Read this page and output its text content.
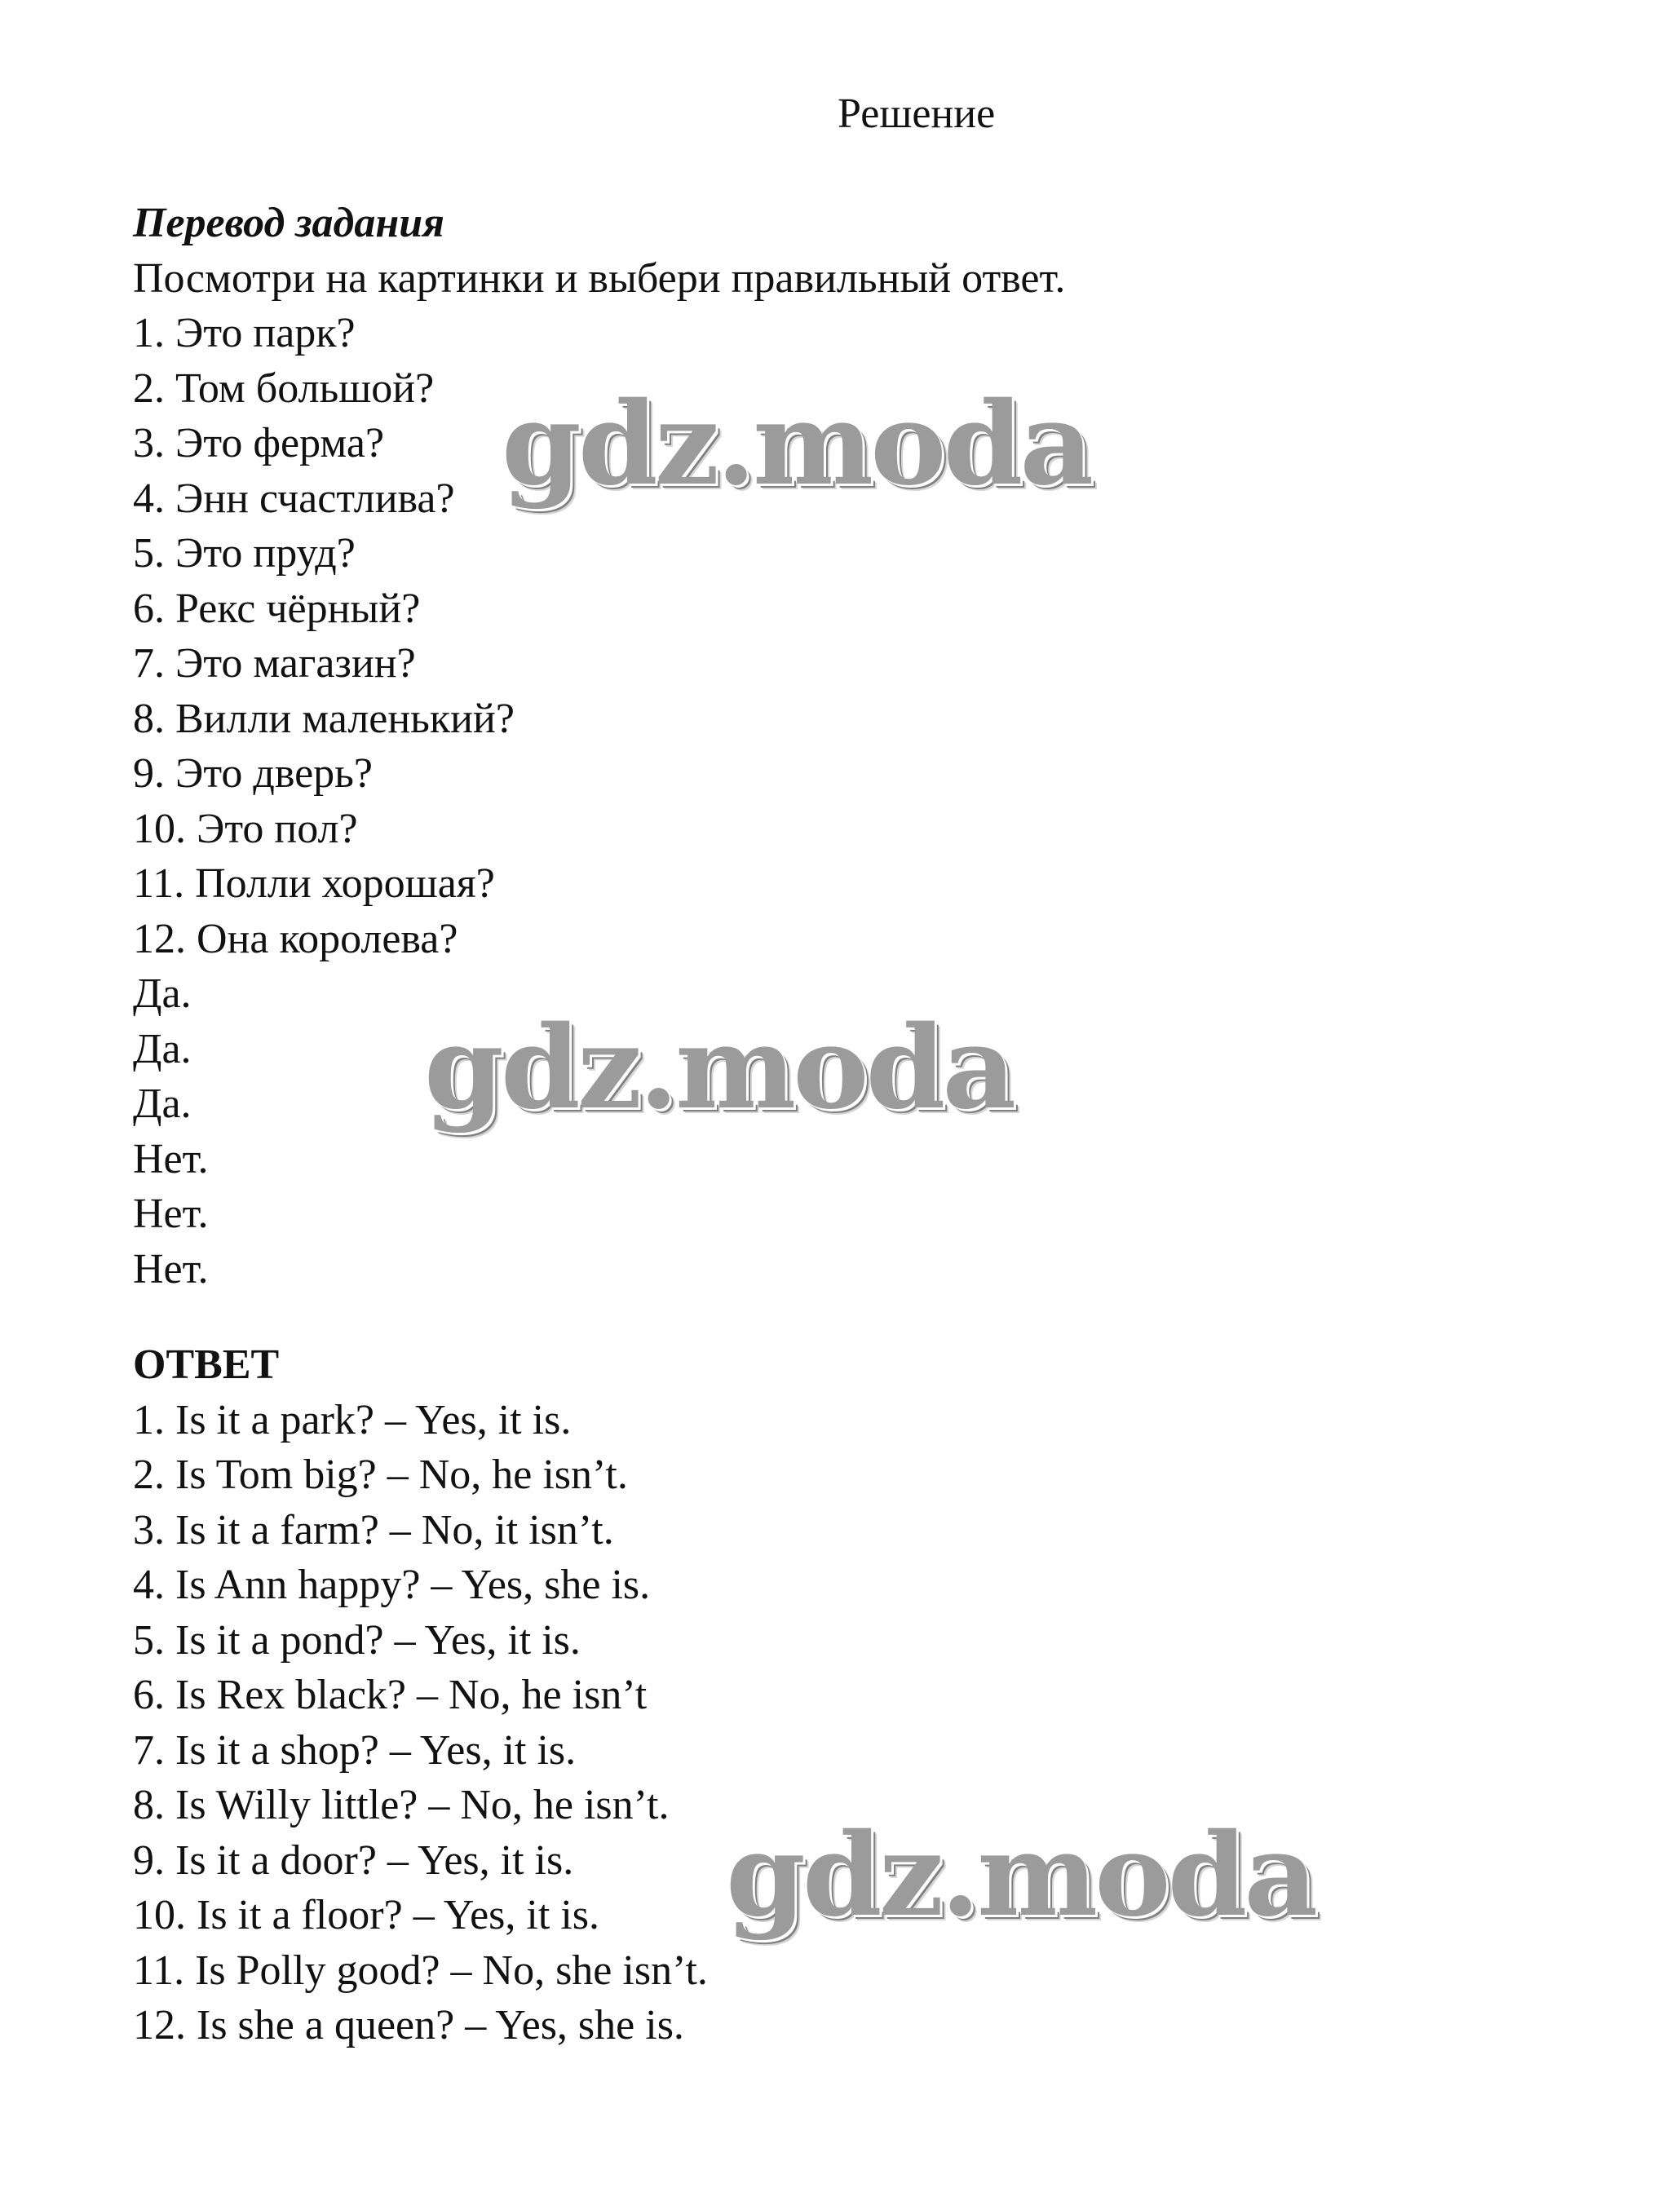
Решение
Перевод задания
Посмотри на картинки и выбери правильный ответ.
1. Это парк?
2. Том большой?
3. Это ферма?
4. Энн счастлива?
5. Это пруд?
6. Рекс чёрный?
7. Это магазин?
8. Вилли маленький?
9. Это дверь?
10. Это пол?
11. Полли хорошая?
12. Она королева?
Да.
Да.
Да.
Нет.
Нет.
Нет.
ОТВЕТ
1. Is it a park? – Yes, it is.
2. Is Tom big? – No, he isn’t.
3. Is it a farm? – No, it isn’t.
4. Is Ann happy? – Yes, she is.
5. Is it a pond? – Yes, it is.
6. Is Rex black? – No, he isn’t
7. Is it a shop? – Yes, it is.
8. Is Willy little? – No, he isn’t.
9. Is it a door? – Yes, it is.
10. Is it a floor? – Yes, it is.
11. Is Polly good? – No, she isn’t.
12. Is she a queen? – Yes, she is.
gdz.moda
gdz.moda
gdz.moda
